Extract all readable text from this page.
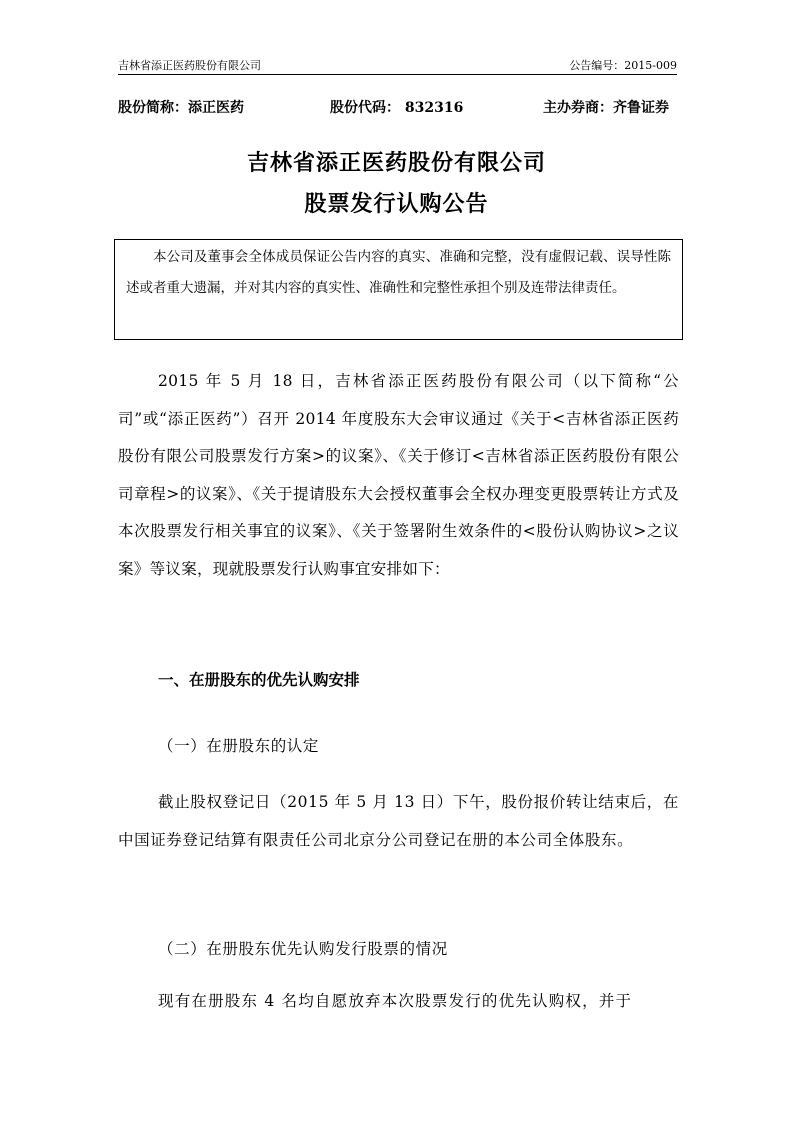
吉林省添正医药股份有限公司	公告编号：2015-009
股份简称：添正医药	股份代码： 832316	主办券商：齐鲁证券
吉林省添正医药股份有限公司
股票发行认购公告
本公司及董事会全体成员保证公告内容的真实、准确和完整，没有虚假记载、误导性陈述或者重大遗漏，并对其内容的真实性、准确性和完整性承担个别及连带法律责任。
2015 年 5 月 18 日，吉林省添正医药股份有限公司（以下简称“公司”或“添正医药”）召开 2014 年度股东大会审议通过《关于<吉林省添正医药股份有限公司股票发行方案>的议案》、《关于修订<吉林省添正医药股份有限公司章程>的议案》、《关于提请股东大会授权董事会全权办理变更股票转让方式及本次股票发行相关事宜的议案》、《关于签署附生效条件的<股份认购协议>之议案》等议案，现就股票发行认购事宜安排如下：
一、在册股东的优先认购安排
（一）在册股东的认定
截止股权登记日（2015 年 5 月 13 日）下午，股份报价转让结束后，在中国证券登记结算有限责任公司北京分公司登记在册的本公司全体股东。
（二）在册股东优先认购发行股票的情况
现有在册股东 4 名均自愿放弃本次股票发行的优先认购权，并于
